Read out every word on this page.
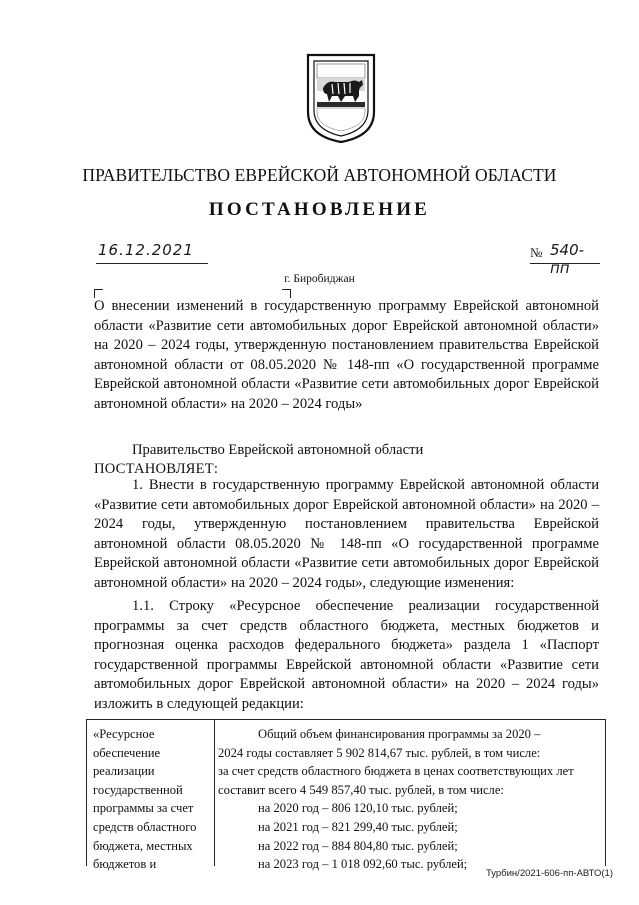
ПРАВИТЕЛЬСТВО ЕВРЕЙСКОЙ АВТОНОМНОЙ ОБЛАСТИ
ПОСТАНОВЛЕНИЕ
16.12.2021	№ 540-пп
г. Биробиджан
О внесении изменений в государственную программу Еврейской автономной области «Развитие сети автомобильных дорог Еврейской автономной области» на 2020 – 2024 годы, утвержденную постановлением правительства Еврейской автономной области от 08.05.2020 № 148-пп «О государственной программе Еврейской автономной области «Развитие сети автомобильных дорог Еврейской автономной области» на 2020 – 2024 годы»
Правительство Еврейской автономной области
ПОСТАНОВЛЯЕТ:
1. Внести в государственную программу Еврейской автономной области «Развитие сети автомобильных дорог Еврейской автономной области» на 2020 – 2024 годы, утвержденную постановлением правительства Еврейской автономной области 08.05.2020 № 148-пп «О государственной программе Еврейской автономной области «Развитие сети автомобильных дорог Еврейской автономной области» на 2020 – 2024 годы», следующие изменения:
1.1. Строку «Ресурсное обеспечение реализации государственной программы за счет средств областного бюджета, местных бюджетов и прогнозная оценка расходов федерального бюджета» раздела 1 «Паспорт государственной программы Еврейской автономной области «Развитие сети автомобильных дорог Еврейской автономной области» на 2020 – 2024 годы» изложить в следующей редакции:
«Ресурсное обеспечение реализации государственной программы за счет средств областного бюджета, местных бюджетов и
Общий объем финансирования программы за 2020 –
2024 годы составляет 5 902 814,67 тыс. рублей, в том числе:
за счет средств областного бюджета в ценах соответствующих лет
составит всего 4 549 857,40 тыс. рублей, в том числе:
на 2020 год – 806 120,10 тыс. рублей;
на 2021 год – 821 299,40 тыс. рублей;
на 2022 год – 884 804,80 тыс. рублей;
на 2023 год – 1 018 092,60 тыс. рублей;
Турбин/2021-606-пп-АВТО(1)
